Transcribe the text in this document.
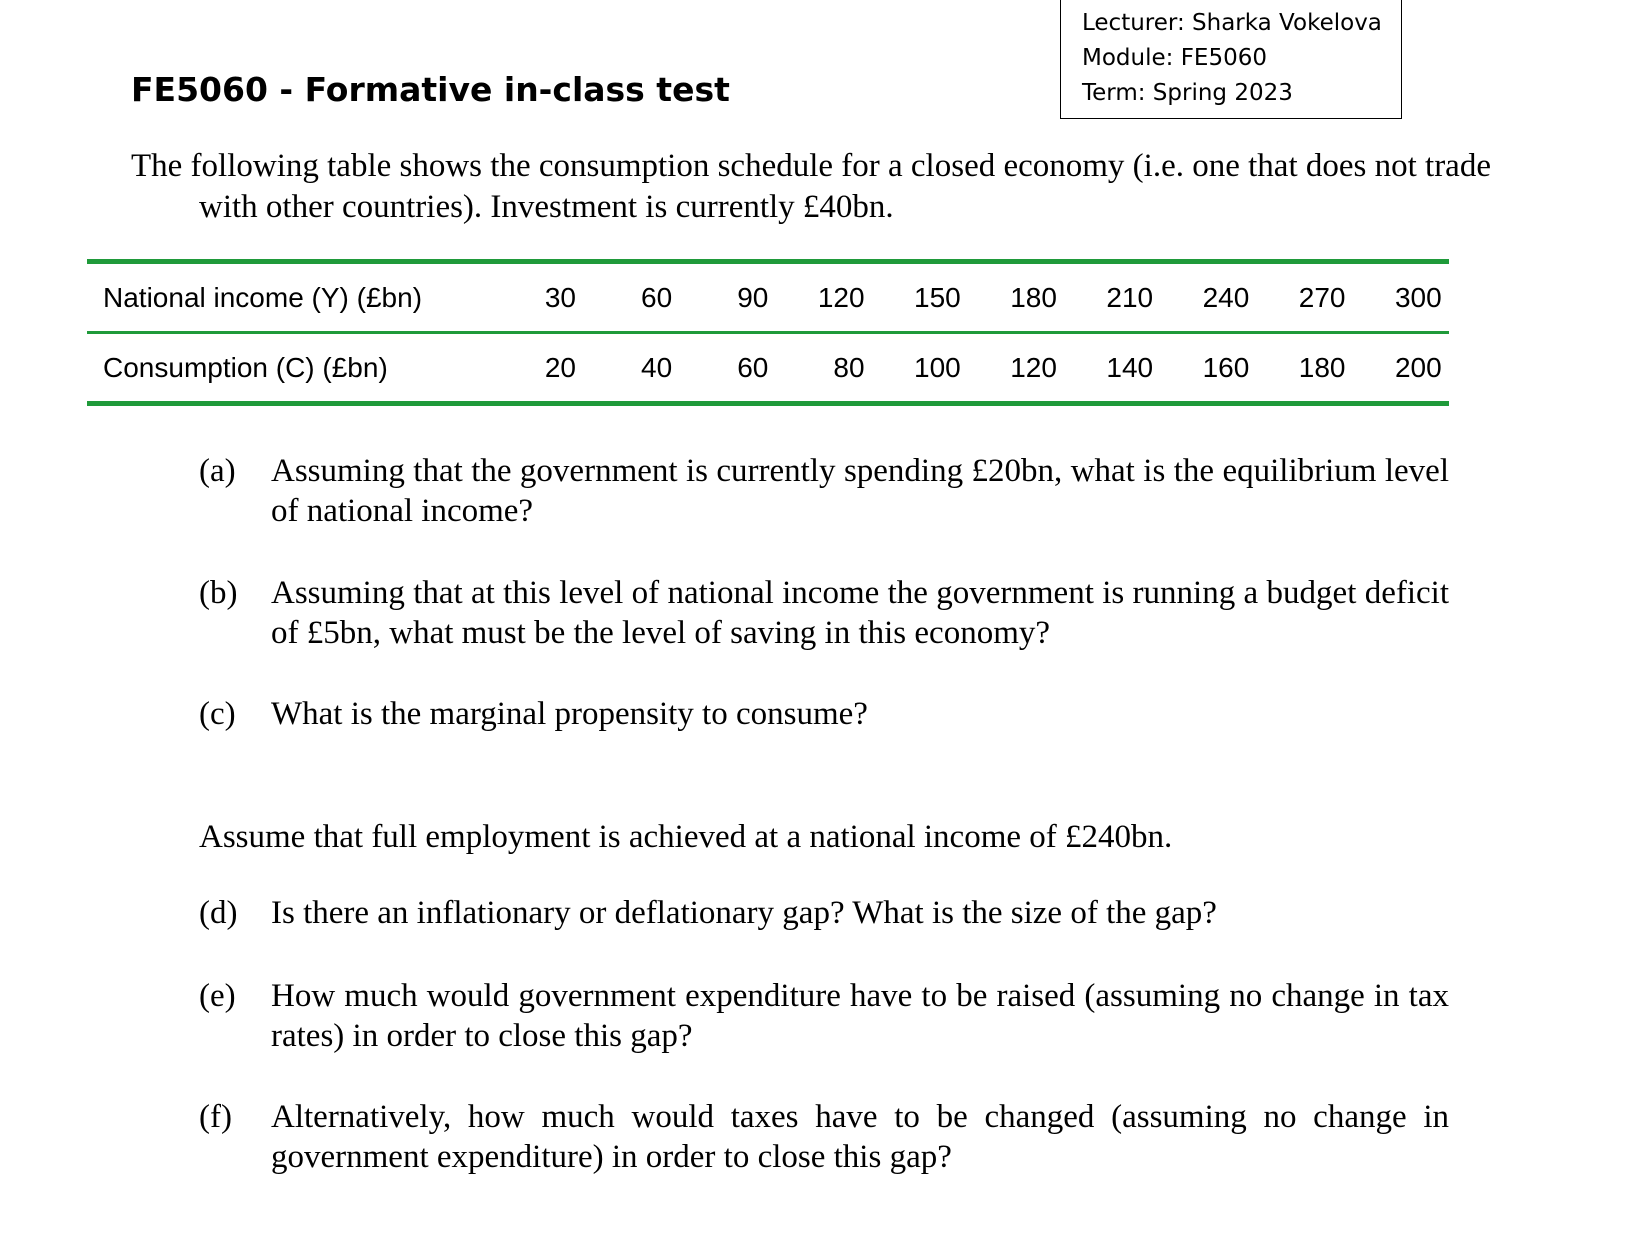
Lecturer: Sharka Vokelova
Module: FE5060
Term: Spring 2023
FE5060 - Formative in-class test
The following table shows the consumption schedule for a closed economy (i.e. one that does not trade with other countries). Investment is currently £40bn.
National income (Y) (£bn)	30	60	90	120	150	180	210	240	270	300
Consumption (C) (£bn)	20	40	60	80	100	120	140	160	180	200
(a) Assuming that the government is currently spending £20bn, what is the equilibrium level of national income?
(b) Assuming that at this level of national income the government is running a budget deficit of £5bn, what must be the level of saving in this economy?
(c) What is the marginal propensity to consume?
Assume that full employment is achieved at a national income of £240bn.
(d) Is there an inflationary or deflationary gap? What is the size of the gap?
(e) How much would government expenditure have to be raised (assuming no change in tax rates) in order to close this gap?
(f) Alternatively, how much would taxes have to be changed (assuming no change in government expenditure) in order to close this gap?
